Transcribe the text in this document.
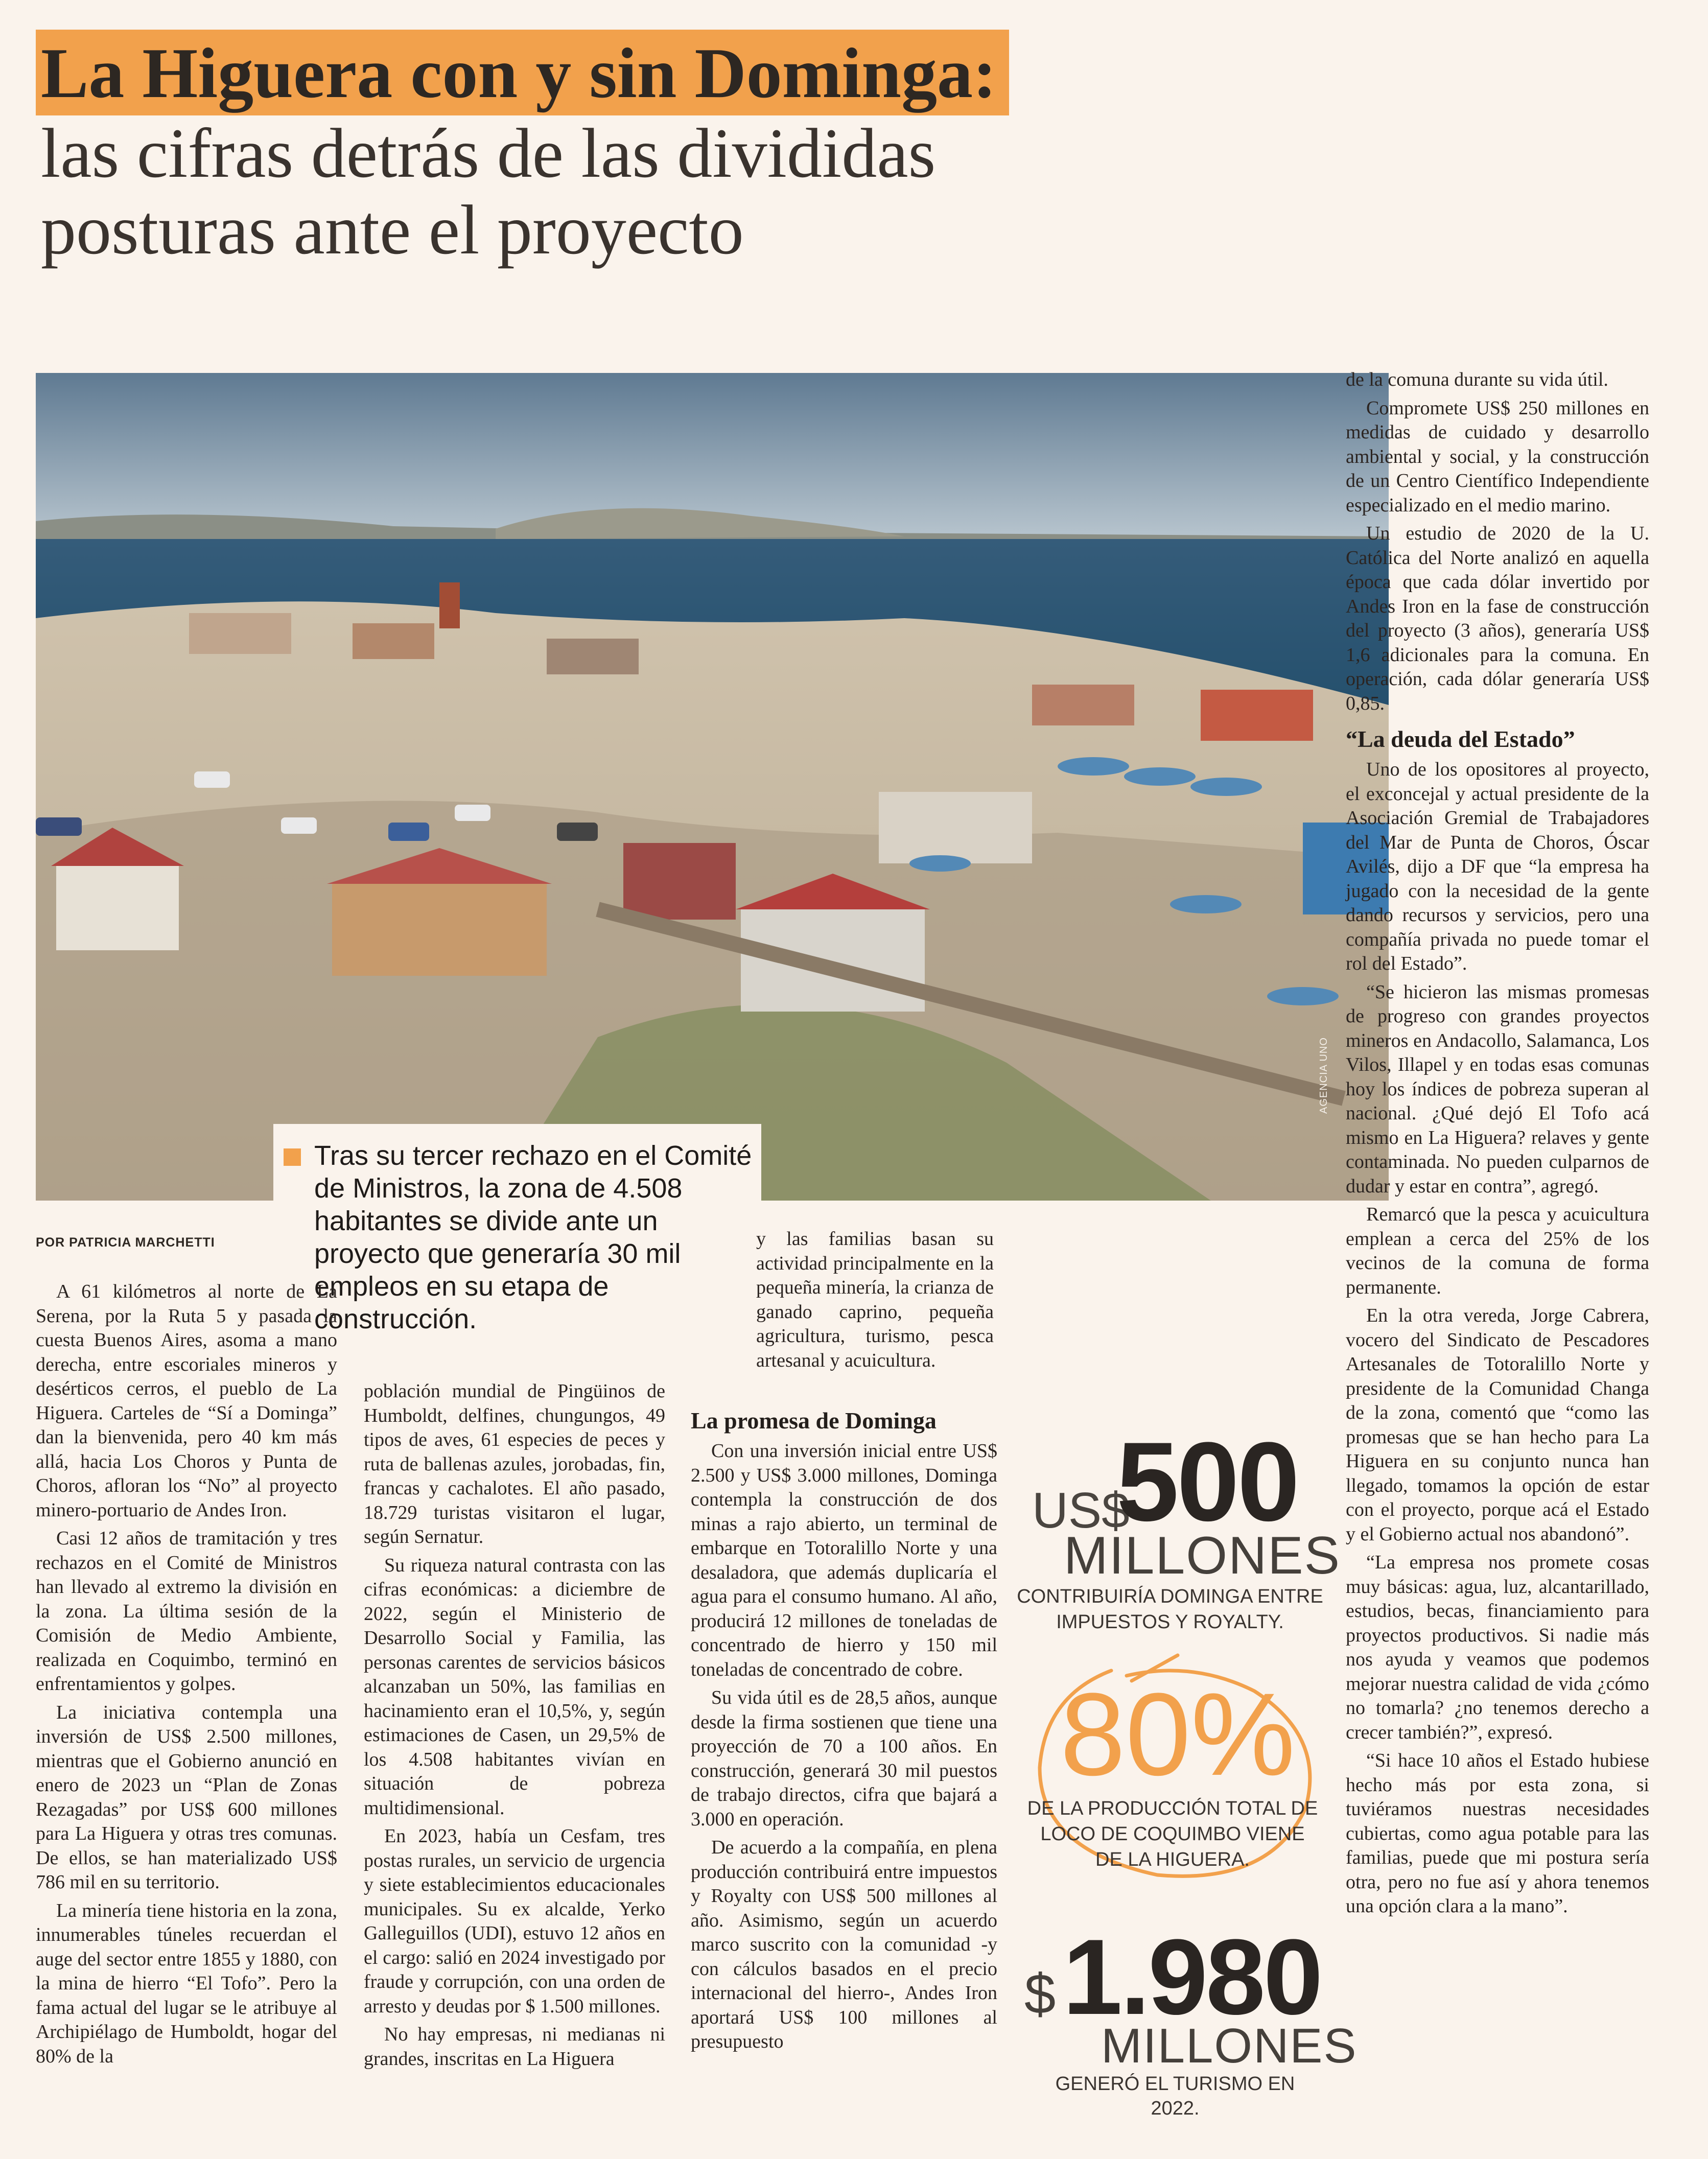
La Higuera con y sin Dominga:
las cifras detrás de las divididas
posturas ante el proyecto
AGENCIA UNO
Tras su tercer rechazo en el Comité de Ministros, la zona de 4.508 habitantes se divide ante un proyecto que generaría 30 mil empleos en su etapa de construcción.
POR PATRICIA MARCHETTI

A 61 kilómetros al norte de La Serena, por la Ruta 5 y pasada la cuesta Buenos Aires, asoma a mano derecha, entre escoriales mineros y desérticos cerros, el pueblo de La Higuera. Carteles de “Sí a Dominga” dan la bienvenida, pero 40 km más allá, hacia Los Choros y Punta de Choros, afloran los “No” al proyecto minero-portuario de Andes Iron.

Casi 12 años de tramitación y tres rechazos en el Comité de Ministros han llevado al extremo la división en la zona. La última sesión de la Comisión de Medio Ambiente, realizada en Coquimbo, terminó en enfrentamientos y golpes.

La iniciativa contempla una inversión de US$ 2.500 millones, mientras que el Gobierno anunció en enero de 2023 un “Plan de Zonas Rezagadas” por US$ 600 millones para La Higuera y otras tres comunas. De ellos, se han materializado US$ 786 mil en su territorio.

La minería tiene historia en la zona, innumerables túneles recuerdan el auge del sector entre 1855 y 1880, con la mina de hierro “El Tofo”. Pero la fama actual del lugar se le atribuye al Archipiélago de Humboldt, hogar del 80% de la

población mundial de Pingüinos de Humboldt, delfines, chungungos, 49 tipos de aves, 61 especies de peces y ruta de ballenas azules, jorobadas, fin, francas y cachalotes. El año pasado, 18.729 turistas visitaron el lugar, según Sernatur.

Su riqueza natural contrasta con las cifras económicas: a diciembre de 2022, según el Ministerio de Desarrollo Social y Familia, las personas carentes de servicios básicos alcanzaban un 50%, las familias en hacinamiento eran el 10,5%, y, según estimaciones de Casen, un 29,5% de los 4.508 habitantes vivían en situación de pobreza multidimensional.

En 2023, había un Cesfam, tres postas rurales, un servicio de urgencia y siete establecimientos educacionales municipales. Su ex alcalde, Yerko Galleguillos (UDI), estuvo 12 años en el cargo: salió en 2024 investigado por fraude y corrupción, con una orden de arresto y deudas por $ 1.500 millones.

No hay empresas, ni medianas ni grandes, inscritas en La Higuera

y las familias basan su actividad principalmente en la pequeña minería, la crianza de ganado caprino, pequeña agricultura, turismo, pesca artesanal y acuicultura.

La promesa de Dominga

Con una inversión inicial entre US$ 2.500 y US$ 3.000 millones, Dominga contempla la construcción de dos minas a rajo abierto, un terminal de embarque en Totoralillo Norte y una desaladora, que además duplicaría el agua para el consumo humano. Al año, producirá 12 millones de toneladas de concentrado de hierro y 150 mil toneladas de concentrado de cobre.

Su vida útil es de 28,5 años, aunque desde la firma sostienen que tiene una proyección de 70 a 100 años. En construcción, generará 30 mil puestos de trabajo directos, cifra que bajará a 3.000 en operación.

De acuerdo a la compañía, en plena producción contribuirá entre impuestos y Royalty con US$ 500 millones al año. Asimismo, según un acuerdo marco suscrito con la comunidad -y con cálculos basados en el precio internacional del hierro-, Andes Iron aportará US$ 100 millones al presupuesto

de la comuna durante su vida útil.

Compromete US$ 250 millones en medidas de cuidado y desarrollo ambiental y social, y la construcción de un Centro Científico Independiente especializado en el medio marino.

Un estudio de 2020 de la U. Católica del Norte analizó en aquella época que cada dólar invertido por Andes Iron en la fase de construcción del proyecto (3 años), generaría US$ 1,6 adicionales para la comuna. En operación, cada dólar generaría US$ 0,85.

“La deuda del Estado”

Uno de los opositores al proyecto, el exconcejal y actual presidente de la Asociación Gremial de Trabajadores del Mar de Punta de Choros, Óscar Avilés, dijo a DF que “la empresa ha jugado con la necesidad de la gente dando recursos y servicios, pero una compañía privada no puede tomar el rol del Estado”.

“Se hicieron las mismas promesas de progreso con grandes proyectos mineros en Andacollo, Salamanca, Los Vilos, Illapel y en todas esas comunas hoy los índices de pobreza superan al nacional. ¿Qué dejó El Tofo acá mismo en La Higuera? relaves y gente contaminada. No pueden culparnos de dudar y estar en contra”, agregó.

Remarcó que la pesca y acuicultura emplean a cerca del 25% de los vecinos de la comuna de forma permanente.

En la otra vereda, Jorge Cabrera, vocero del Sindicato de Pescadores Artesanales de Totoralillo Norte y presidente de la Comunidad Changa de la zona, comentó que “como las promesas que se han hecho para La Higuera en su conjunto nunca han llegado, tomamos la opción de estar con el proyecto, porque acá el Estado y el Gobierno actual nos abandonó”.

“La empresa nos promete cosas muy básicas: agua, luz, alcantarillado, estudios, becas, financiamiento para proyectos productivos. Si nadie más nos ayuda y veamos que podemos mejorar nuestra calidad de vida ¿cómo no tomarla? ¿no tenemos derecho a crecer también?”, expresó.

“Si hace 10 años el Estado hubiese hecho más por esta zona, si tuviéramos nuestras necesidades cubiertas, como agua potable para las familias, puede que mi postura sería otra, pero no fue así y ahora tenemos una opción clara a la mano”.

US$
500
MILLONES
CONTRIBUIRÍA DOMINGA ENTRE IMPUESTOS Y ROYALTY.
80%
DE LA PRODUCCIÓN TOTAL DE LOCO DE COQUIMBO VIENE DE LA HIGUERA.
$ 1.980
MILLONES
GENERÓ EL TURISMO EN 2022.
